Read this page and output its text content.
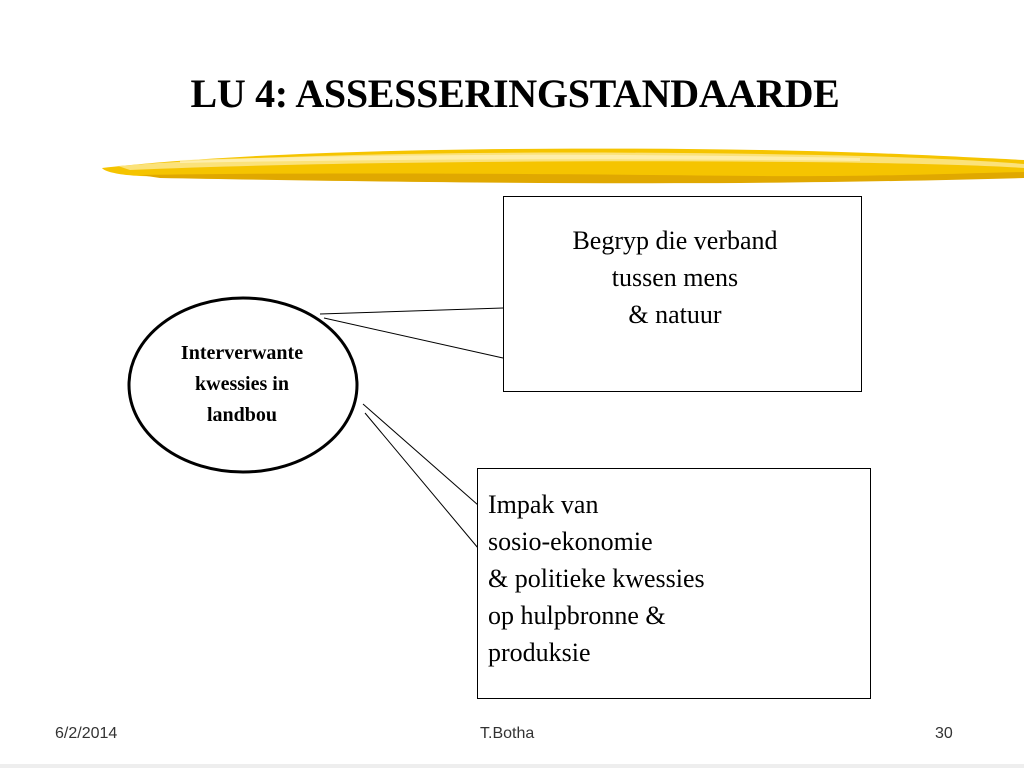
LU 4: ASSESSERINGSTANDAARDE
Interverwante
kwessies in
landbou
Begryp die verband
tussen mens
& natuur
Impak van
sosio-ekonomie
& politieke kwessies
op hulpbronne &
produksie
6/2/2014	T.Botha	30
